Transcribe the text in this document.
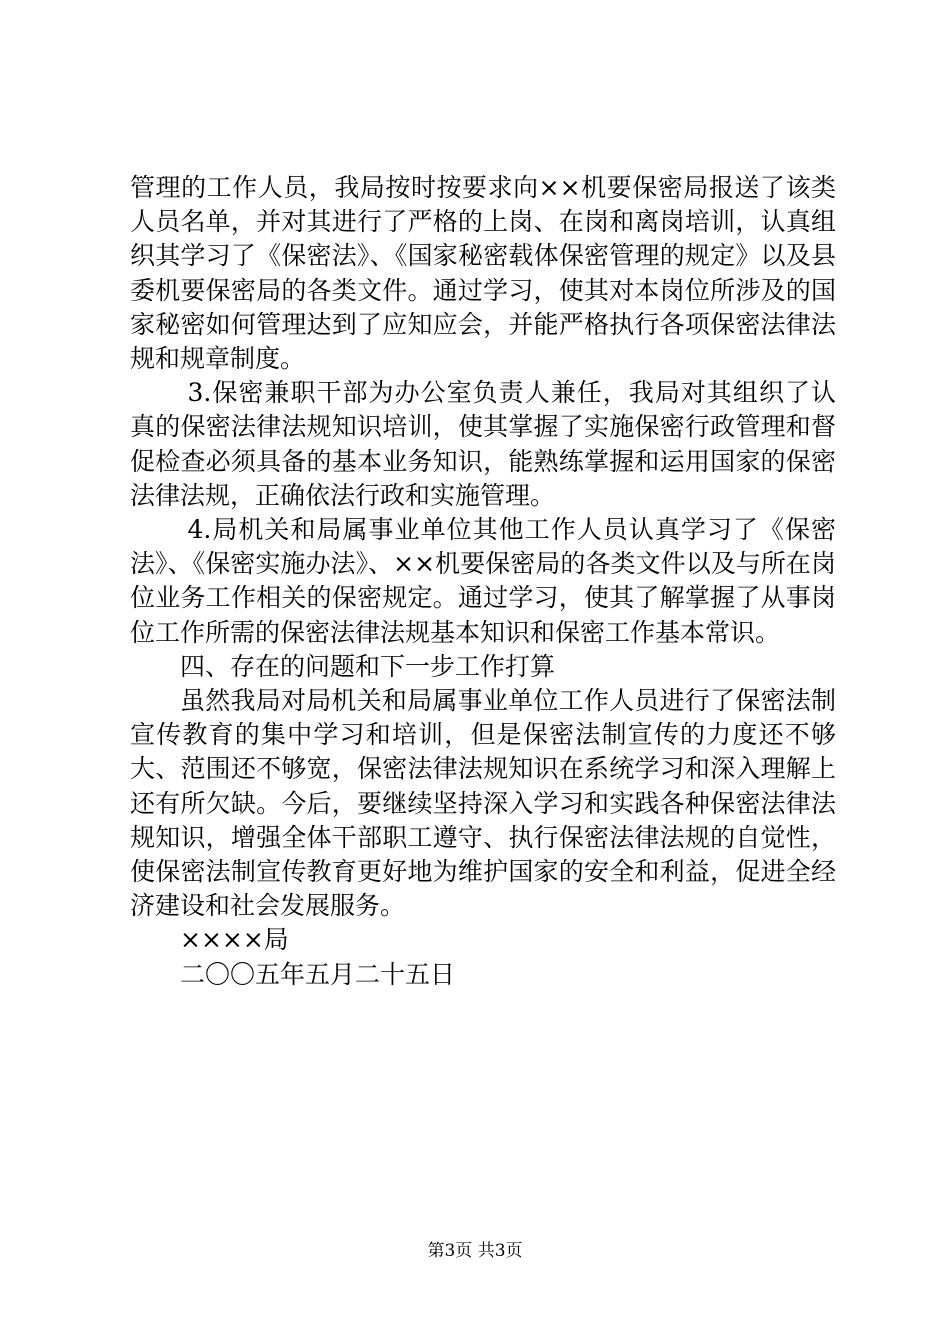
管理的工作人员，我局按时按要求向××机要保密局报送了该类人员名单，并对其进行了严格的上岗、在岗和离岗培训，认真组织其学习了《保密法》、《国家秘密载体保密管理的规定》以及县委机要保密局的各类文件。通过学习，使其对本岗位所涉及的国家秘密如何管理达到了应知应会，并能严格执行各项保密法律法规和规章制度。

3.保密兼职干部为办公室负责人兼任，我局对其组织了认真的保密法律法规知识培训，使其掌握了实施保密行政管理和督促检查必须具备的基本业务知识，能熟练掌握和运用国家的保密法律法规，正确依法行政和实施管理。

4.局机关和局属事业单位其他工作人员认真学习了《保密法》、《保密实施办法》、××机要保密局的各类文件以及与所在岗位业务工作相关的保密规定。通过学习，使其了解掌握了从事岗位工作所需的保密法律法规基本知识和保密工作基本常识。

四、存在的问题和下一步工作打算

虽然我局对局机关和局属事业单位工作人员进行了保密法制宣传教育的集中学习和培训，但是保密法制宣传的力度还不够大、范围还不够宽，保密法律法规知识在系统学习和深入理解上还有所欠缺。今后，要继续坚持深入学习和实践各种保密法律法规知识，增强全体干部职工遵守、执行保密法律法规的自觉性，使保密法制宣传教育更好地为维护国家的安全和利益，促进全经济建设和社会发展服务。

××××局

二〇〇五年五月二十五日

第3页 共3页
